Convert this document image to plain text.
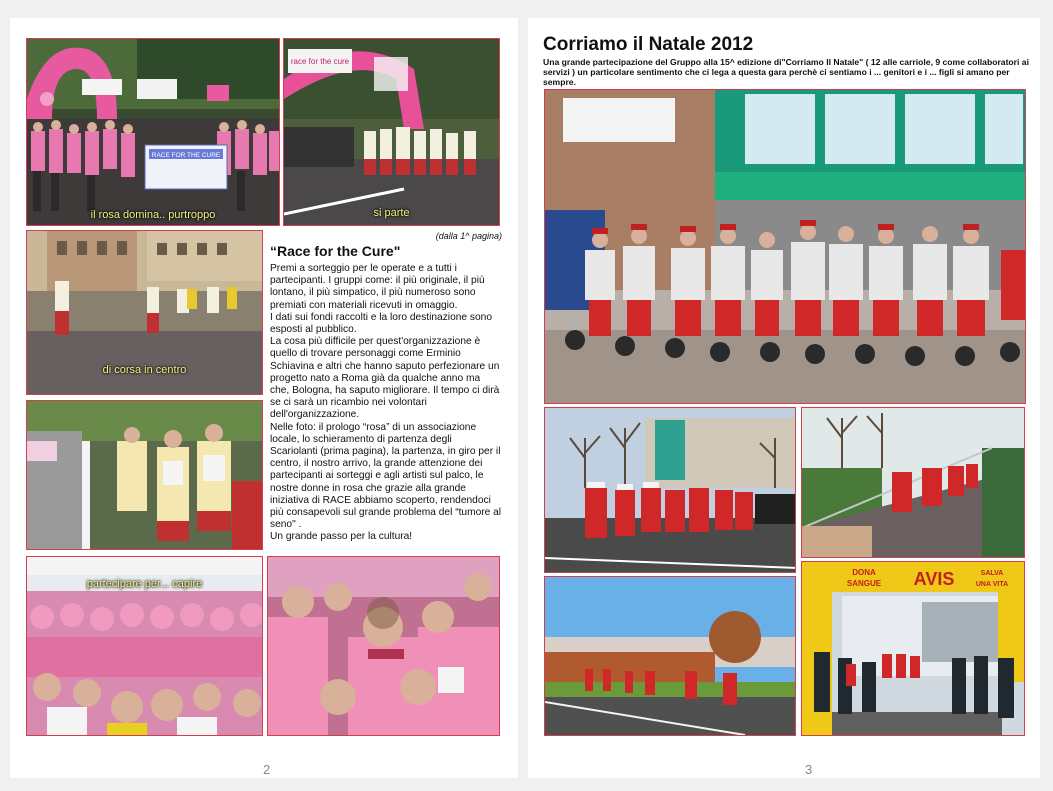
RACE FOR THE CURE
il rosa domina.. purtroppo
race for the cure
si parte
di corsa in centro
partecipare per... capire
(dalla 1^ pagina)
“Race for the Cure"
Premi a sorteggio per le operate e a tutti i partecipanti. I gruppi come: il più originale, il più lontano, il più simpatico, il più numeroso sono premiati con materiali ricevuti in omaggio.
I dati sui fondi raccolti e la loro destinazione sono esposti al pubblico.
La cosa più difficile per quest'organizzazione è quello di trovare personaggi come Erminio Schiavina e altri che hanno saputo perfezionare un progetto nato a Roma già da qualche anno ma che, Bologna, ha saputo migliorare. Il tempo ci dirà se ci sarà un ricambio nei volontari dell'organizzazione.
Nelle foto: il prologo “rosa” di un associazione locale, lo schieramento di partenza degli Scariolanti (prima pagina), la partenza, in giro per il centro, il nostro arrivo, la grande attenzione dei partecipanti ai sorteggi e agli artisti sul palco, le nostre donne in rosa che grazie alla grande iniziativa di RACE abbiamo scoperto, rendendoci più consapevoli sul grande problema del “tumore al seno" .
Un grande passo per la cultura!
2
Corriamo il Natale 2012
Una grande partecipazione del Gruppo alla 15^ edizione di"Corriamo Il Natale" ( 12 alle carriole, 9 come collaboratori ai servizi ) un particolare sentimento che ci lega a questa gara perchè ci sentiamo i ... genitori e i ... figli si amano per sempre.
DONA
SANGUE AVIS	SALVA
UNA VITA
3
